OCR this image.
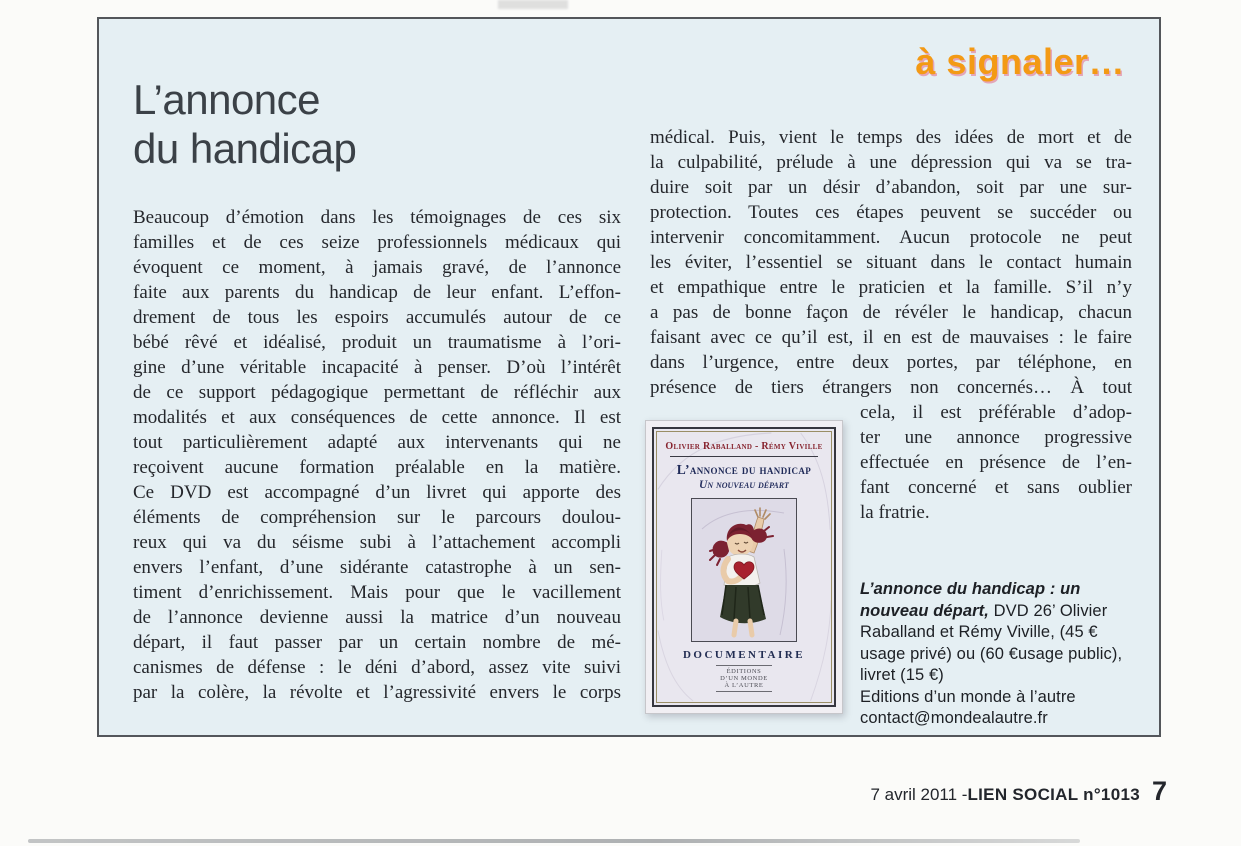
à signaler…
L’annonce
du handicap
Beaucoup d’émotion dans les témoignages de ces six
familles et de ces seize professionnels médicaux qui
évoquent ce moment, à jamais gravé, de l’annonce
faite aux parents du handicap de leur enfant. L’effon-
drement de tous les espoirs accumulés autour de ce
bébé rêvé et idéalisé, produit un traumatisme à l’ori-
gine d’une véritable incapacité à penser. D’où l’intérêt
de ce support pédagogique permettant de réfléchir aux
modalités et aux conséquences de cette annonce. Il est
tout particulièrement adapté aux intervenants qui ne
reçoivent aucune formation préalable en la matière.
Ce DVD est accompagné d’un livret qui apporte des
éléments de compréhension sur le parcours doulou-
reux qui va du séisme subi à l’attachement accompli
envers l’enfant, d’une sidérante catastrophe à un sen-
timent d’enrichissement. Mais pour que le vacillement
de l’annonce devienne aussi la matrice d’un nouveau
départ, il faut passer par un certain nombre de mé-
canismes de défense : le déni d’abord, assez vite suivi
par la colère, la révolte et l’agressivité envers le corps
médical. Puis, vient le temps des idées de mort et de
la culpabilité, prélude à une dépression qui va se tra-
duire soit par un désir d’abandon, soit par une sur-
protection. Toutes ces étapes peuvent se succéder ou
intervenir concomitamment. Aucun protocole ne peut
les éviter, l’essentiel se situant dans le contact humain
et empathique entre le praticien et la famille. S’il n’y
a pas de bonne façon de révéler le handicap, chacun
faisant avec ce qu’il est, il en est de mauvaises : le faire
dans l’urgence, entre deux portes, par téléphone, en
présence de tiers étrangers non concernés… À tout
cela, il est préférable d’adop-
ter une annonce progressive
effectuée en présence de l’en-
fant concerné et sans oublier
la fratrie.
Olivier Raballand - Rémy Viville
L’annonce du handicap
Un nouveau départ
DOCUMENTAIRE
ÉDITIONS
D’UN MONDE
À L’AUTRE
L’annonce du handicap : un nouveau départ, DVD 26’ Olivier Raballand et Rémy Viville, (45 € usage privé) ou (60 €usage public), livret (15 €)
Editions d’un monde à l’autre
contact@mondealautre.fr
7 avril 2011 - LIEN SOCIAL n°1013 7
